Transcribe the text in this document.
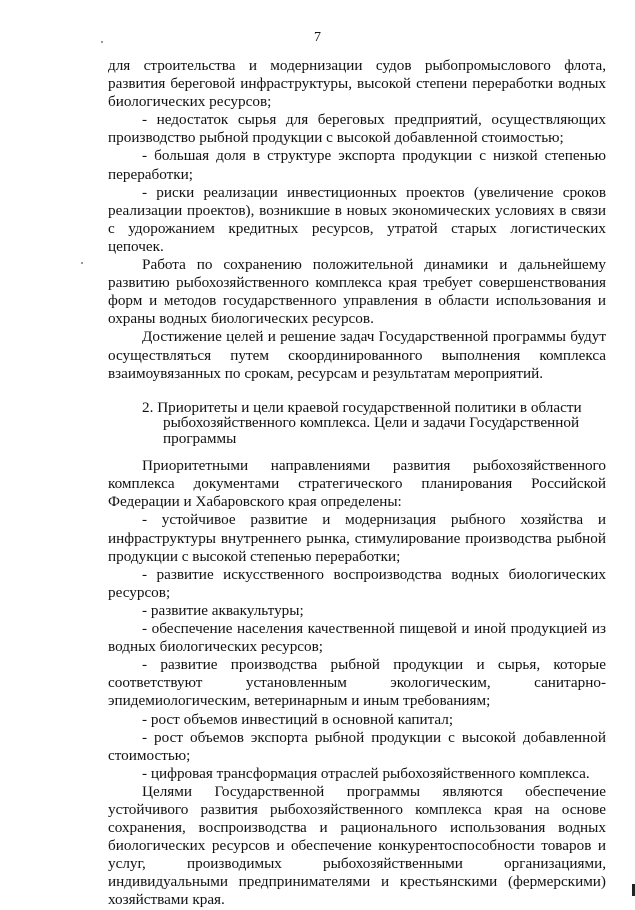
7

для строительства и модернизации судов рыбопромыслового флота, развития береговой инфраструктуры, высокой степени переработки водных биологических ресурсов;

- недостаток сырья для береговых предприятий, осуществляющих производство рыбной продукции с высокой добавленной стоимостью;

- большая доля в структуре экспорта продукции с низкой степенью переработки;

- риски реализации инвестиционных проектов (увеличение сроков реализации проектов), возникшие в новых экономических условиях в связи с удорожанием кредитных ресурсов, утратой старых логистических цепочек.

Работа по сохранению положительной динамики и дальнейшему развитию рыбохозяйственного комплекса края требует совершенствования форм и методов государственного управления в области использования и охраны водных биологических ресурсов.

Достижение целей и решение задач Государственной программы будут осуществляться путем скоординированного выполнения комплекса взаимоувязанных по срокам, ресурсам и результатам мероприятий.

2. Приоритеты и цели краевой государственной политики в области
рыбохозяйственного комплекса. Цели и задачи Государственной
программы

Приоритетными направлениями развития рыбохозяйственного комплекса документами стратегического планирования Российской Федерации и Хабаровского края определены:

- устойчивое развитие и модернизация рыбного хозяйства и инфраструктуры внутреннего рынка, стимулирование производства рыбной продукции с высокой степенью переработки;

- развитие искусственного воспроизводства водных биологических ресурсов;

- развитие аквакультуры;

- обеспечение населения качественной пищевой и иной продукцией из водных биологических ресурсов;

- развитие производства рыбной продукции и сырья, которые соответствуют установленным экологическим, санитарно-эпидемиологическим, ветеринарным и иным требованиям;

- рост объемов инвестиций в основной капитал;

- рост объемов экспорта рыбной продукции с высокой добавленной стоимостью;

- цифровая трансформация отраслей рыбохозяйственного комплекса.

Целями Государственной программы являются обеспечение устойчивого развития рыбохозяйственного комплекса края на основе сохранения, воспроизводства и рационального использования водных биологических ресурсов и обеспечение конкурентоспособности товаров и услуг, производимых рыбохозяйственными организациями, индивидуальными предпринимателями и крестьянскими (фермерскими) хозяйствами края.
